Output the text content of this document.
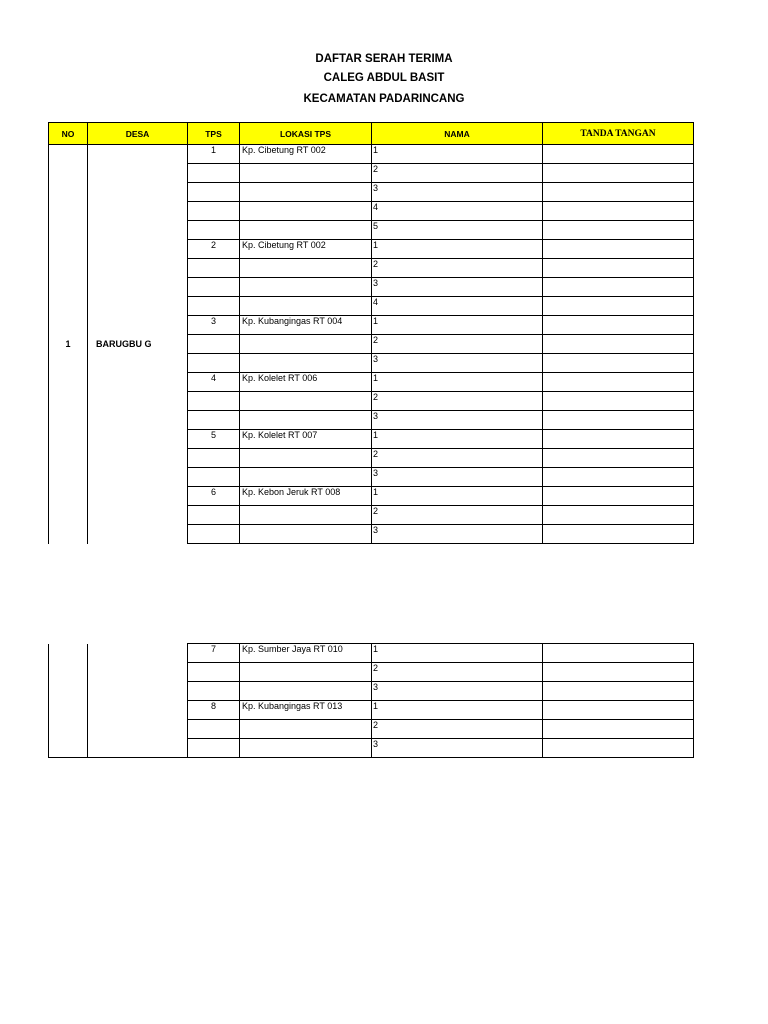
DAFTAR SERAH TERIMA
CALEG ABDUL BASIT
KECAMATAN PADARINCANG
NO	DESA	TPS	LOKASI TPS	NAMA	TANDA TANGAN
1	BARUGBU G	1	Kp. Cibetung RT 002	1	
				2	
				3	
				4	
				5	
		2	Kp. Cibetung RT 002	1	
				2	
				3	
				4	
		3	Kp. Kubangingas RT 004	1	
				2	
				3	
		4	Kp. Kolelet RT 006	1	
				2	
				3	
		5	Kp. Kolelet RT 007	1	
				2	
				3	
		6	Kp. Kebon Jeruk RT 008	1	
				2	
				3	
		7	Kp. Sumber Jaya RT 010	1	
				2	
				3	
		8	Kp. Kubangingas RT 013	1	
				2	
				3	
